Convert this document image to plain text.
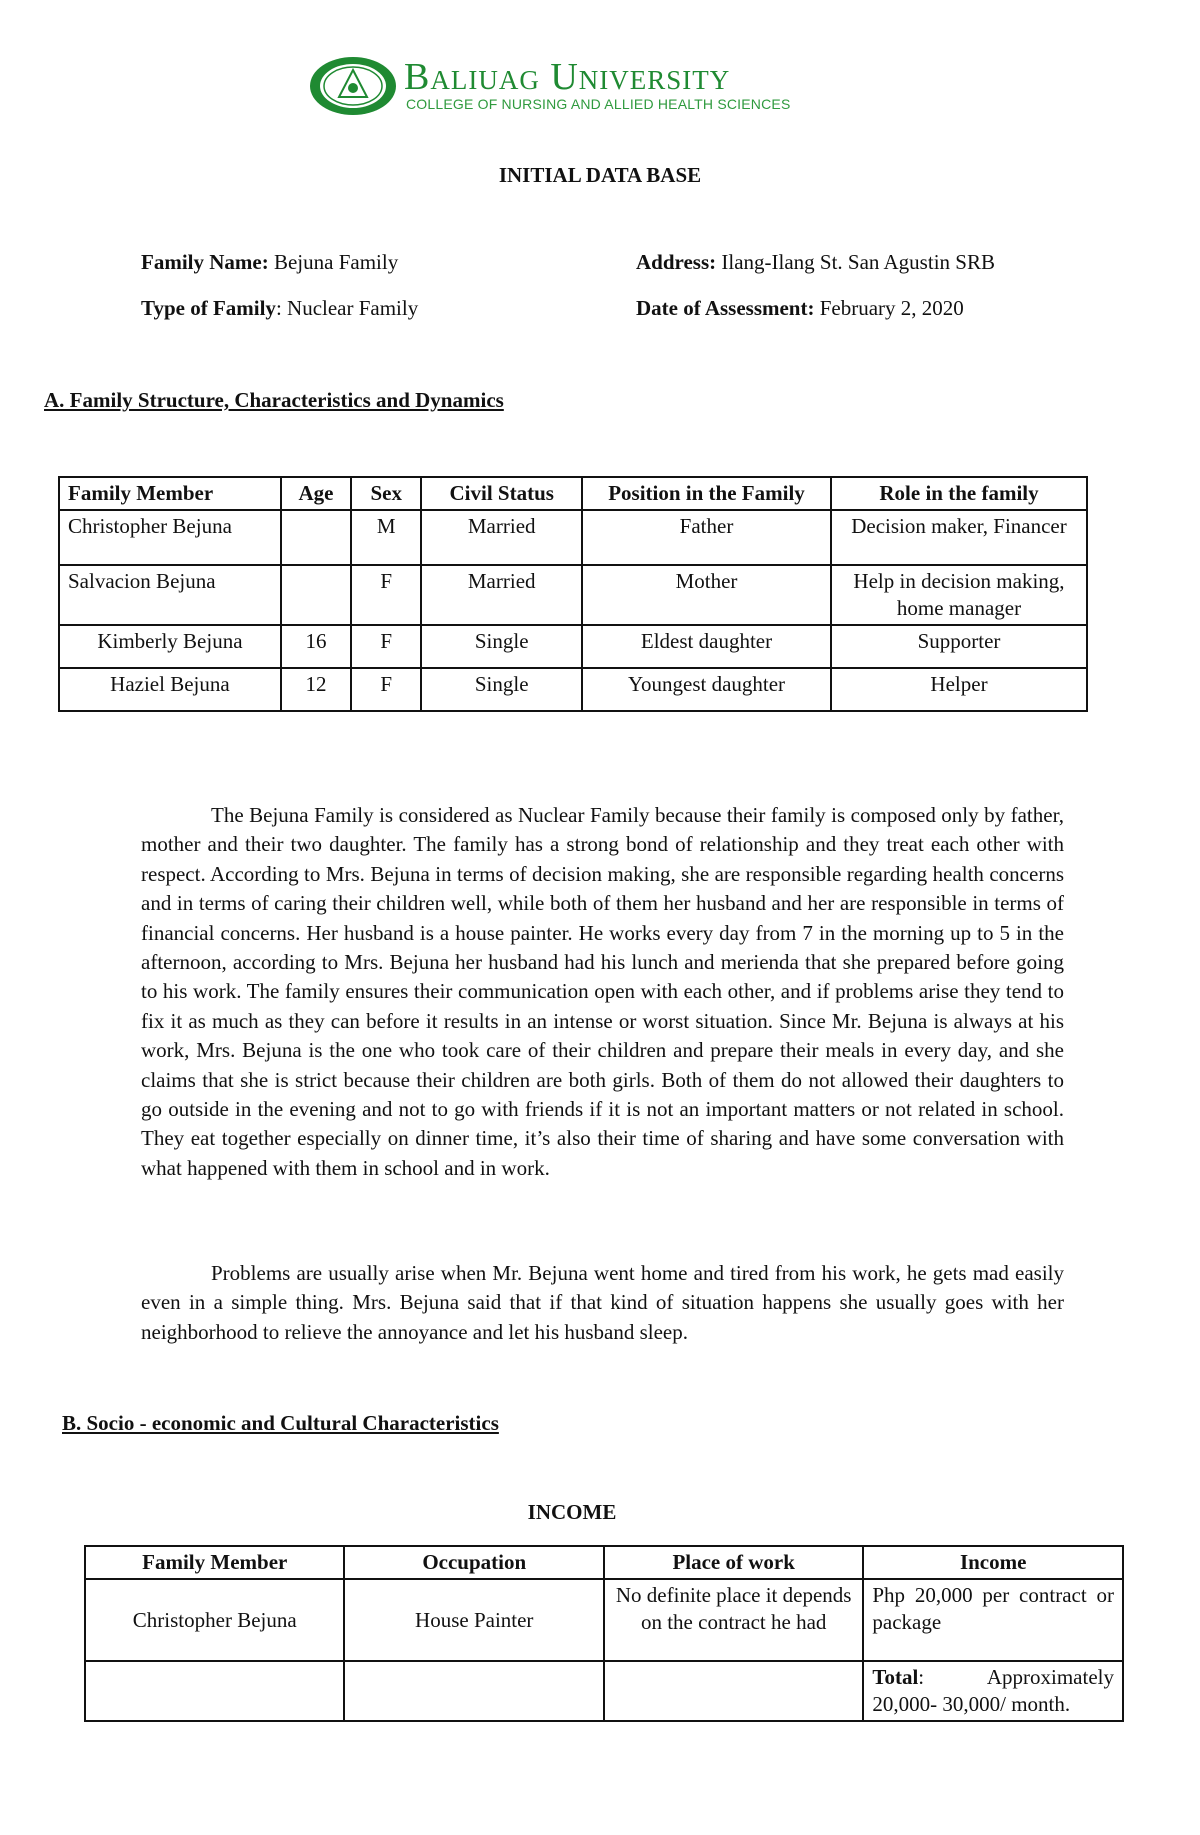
Baliuag University
COLLEGE OF NURSING AND ALLIED HEALTH SCIENCES
INITIAL DATA BASE
Family Name: Bejuna Family	Address: Ilang-Ilang St. San Agustin SRB
Type of Family: Nuclear Family	Date of Assessment: February 2, 2020
A. Family Structure, Characteristics and Dynamics
Family Member	Age	Sex	Civil Status	Position in the Family	Role in the family
Christopher Bejuna		M	Married	Father	Decision maker, Financer
Salvacion Bejuna		F	Married	Mother	Help in decision making, home manager
Kimberly Bejuna	16	F	Single	Eldest daughter	Supporter
Haziel Bejuna	12	F	Single	Youngest daughter	Helper

The Bejuna Family is considered as Nuclear Family because their family is composed only by father, mother and their two daughter. The family has a strong bond of relationship and they treat each other with respect. According to Mrs. Bejuna in terms of decision making, she are responsible regarding health concerns and in terms of caring their children well, while both of them her husband and her are responsible in terms of financial concerns. Her husband is a house painter. He works every day from 7 in the morning up to 5 in the afternoon, according to Mrs. Bejuna her husband had his lunch and merienda that she prepared before going to his work. The family ensures their communication open with each other, and if problems arise they tend to fix it as much as they can before it results in an intense or worst situation. Since Mr. Bejuna is always at his work, Mrs. Bejuna is the one who took care of their children and prepare their meals in every day, and she claims that she is strict because their children are both girls. Both of them do not allowed their daughters to go outside in the evening and not to go with friends if it is not an important matters or not related in school. They eat together especially on dinner time, it’s also their time of sharing and have some conversation with what happened with them in school and in work.

Problems are usually arise when Mr. Bejuna went home and tired from his work, he gets mad easily even in a simple thing. Mrs. Bejuna said that if that kind of situation happens she usually goes with her neighborhood to relieve the annoyance and let his husband sleep.

B. Socio - economic and Cultural Characteristics
INCOME
Family Member	Occupation	Place of work	Income
Christopher Bejuna	House Painter	No definite place it depends on the contract he had	Php 20,000 per contract or package
			Total: Approximately 20,000- 30,000/ month.
